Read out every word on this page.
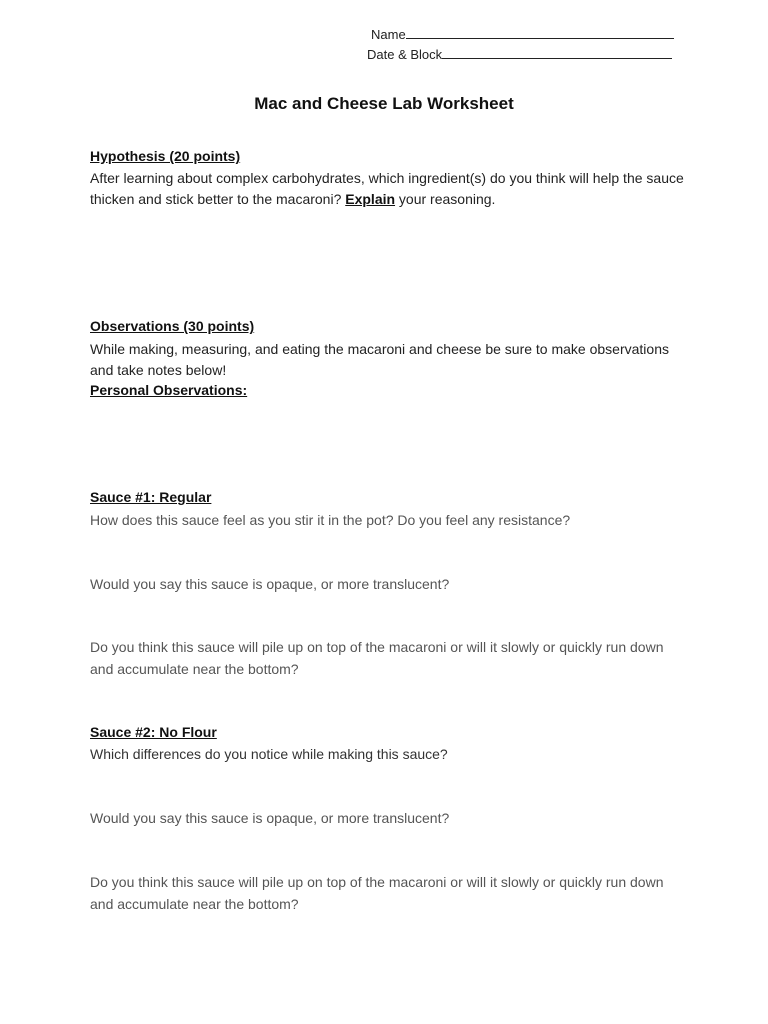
Name
Date & Block
Mac and Cheese Lab Worksheet
Hypothesis (20 points)
After learning about complex carbohydrates, which ingredient(s) do you think will help the sauce thicken and stick better to the macaroni? Explain your reasoning.
Observations (30 points)
While making, measuring, and eating the macaroni and cheese be sure to make observations and take notes below!
Personal Observations:
Sauce #1: Regular
How does this sauce feel as you stir it in the pot? Do you feel any resistance?
Would you say this sauce is opaque, or more translucent?
Do you think this sauce will pile up on top of the macaroni or will it slowly or quickly run down and accumulate near the bottom?
Sauce #2: No Flour
Which differences do you notice while making this sauce?
Would you say this sauce is opaque, or more translucent?
Do you think this sauce will pile up on top of the macaroni or will it slowly or quickly run down and accumulate near the bottom?
